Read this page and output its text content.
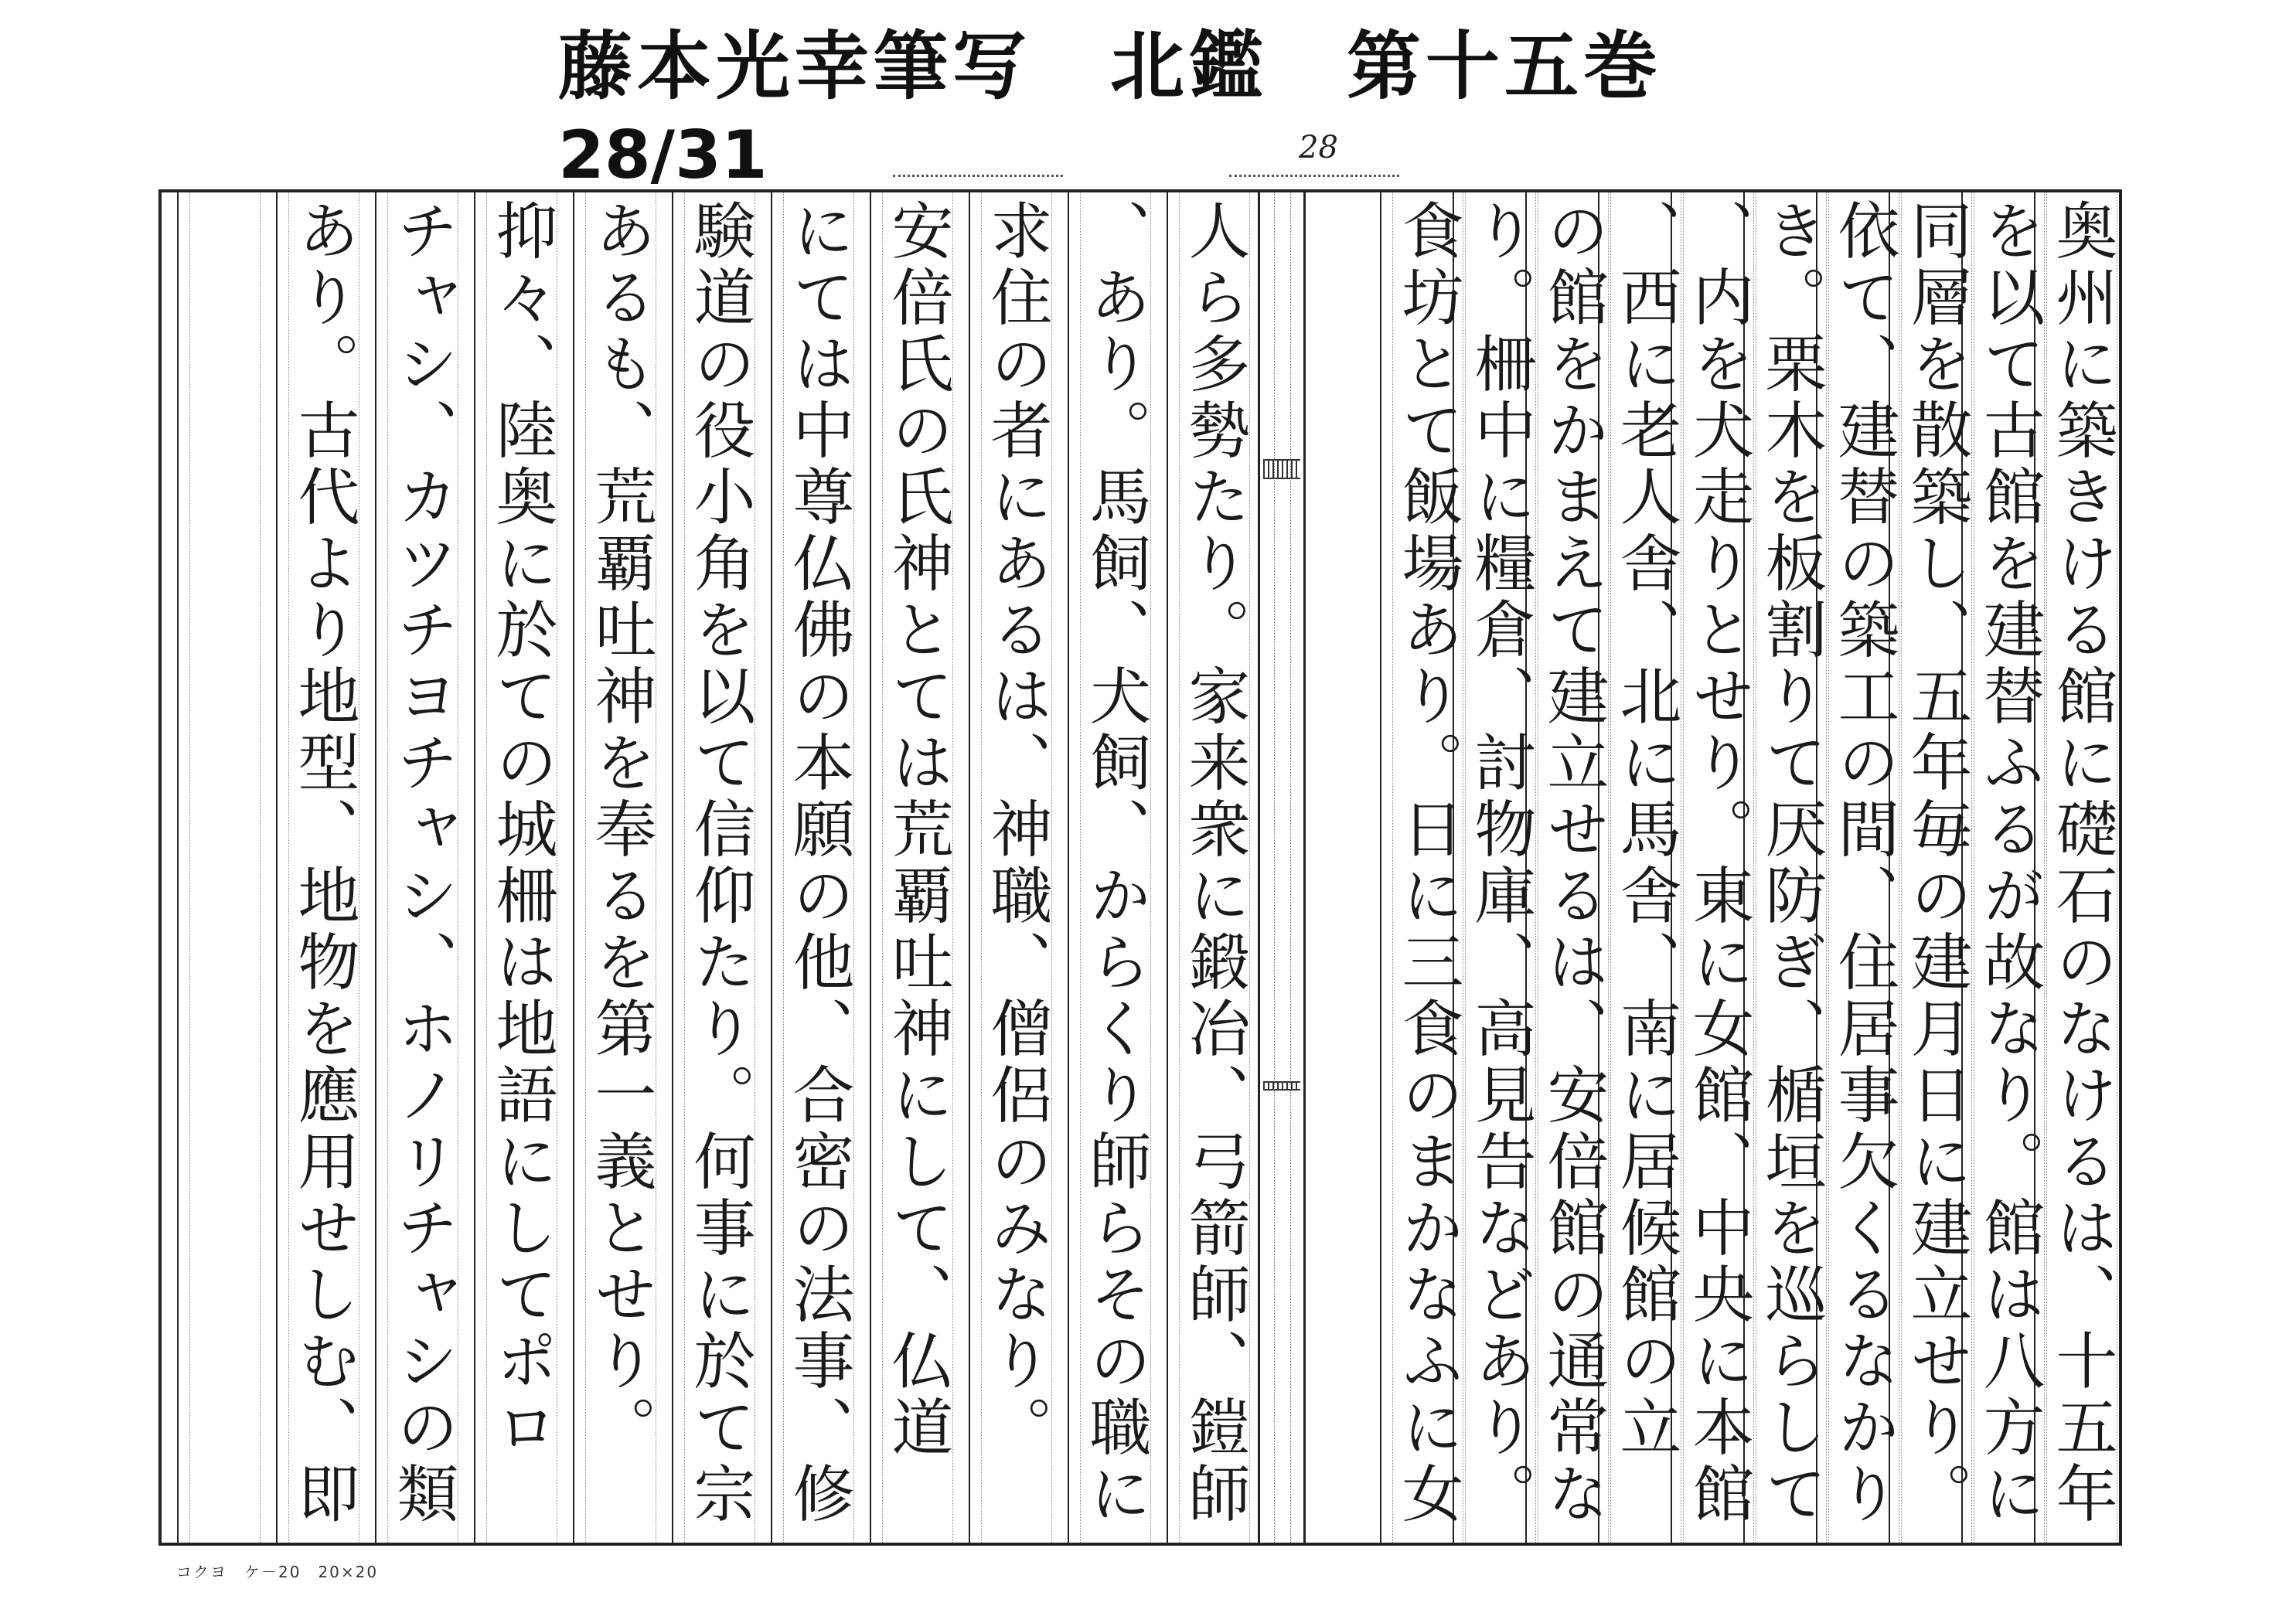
藤本光幸筆写　北鑑　第十五巻
28/31	28
奥州に築きける館に礎石のなけるは、十五年
を以て古館を建替ふるが故なり。館は八方に
同層を散築し、五年毎の建月日に建立せり。
依て、建替の築工の間、住居事欠くるなかり
き。栗木を板割りて厌防ぎ、楯垣を巡らして
、内を犬走りとせり。東に女館、中央に本館
、西に老人舎、北に馬舎、南に居候館の立
の館をかまえて建立せるは、安倍館の通常な
り。柵中に糧倉、討物庫、高見告などあり。
食坊とて飯場あり。日に三食のまかなふに女
人ら多勢たり。家来衆に鍛冶、弓箭師、鎧師
、あり。馬飼、犬飼、からくり師らその職に
求住の者にあるは、神職、僧侶のみなり。
安倍氏の氏神とては荒覇吐神にして、仏道
にては中尊仏佛の本願の他、合密の法事、修
験道の役小角を以て信仰たり。何事に於て宗
あるも、荒覇吐神を奉るを第一義とせり。
抑々、陸奥に於ての城柵は地語にしてポロ
チャシ、カツチヨチャシ、ホノリチャシの類
あり。古代より地型、地物を應用せしむ、即
コクヨ　ケ－20　20×20
